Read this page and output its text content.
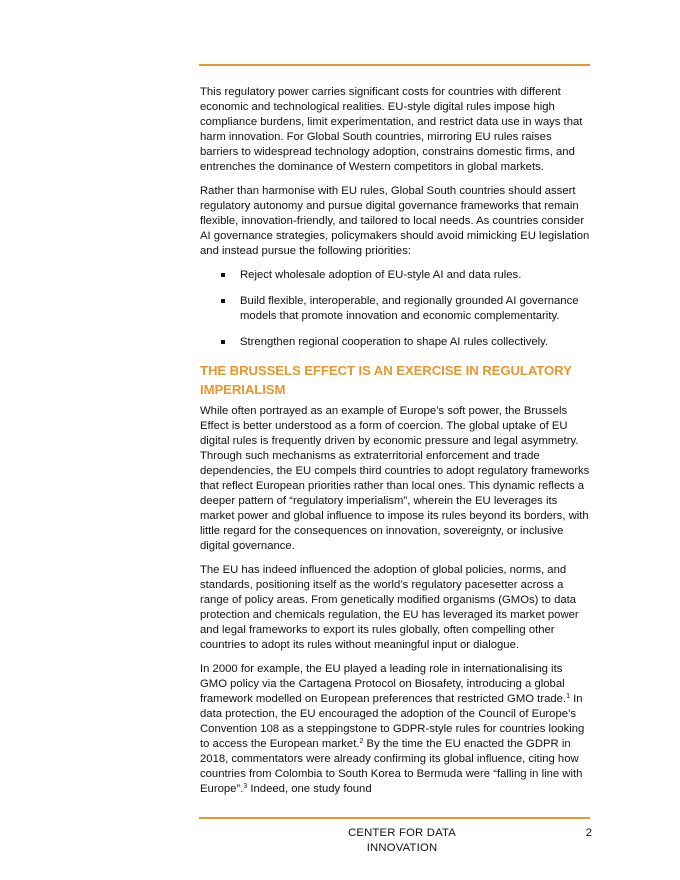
This regulatory power carries significant costs for countries with different economic and technological realities. EU-style digital rules impose high compliance burdens, limit experimentation, and restrict data use in ways that harm innovation. For Global South countries, mirroring EU rules raises barriers to widespread technology adoption, constrains domestic firms, and entrenches the dominance of Western competitors in global markets.

Rather than harmonise with EU rules, Global South countries should assert regulatory autonomy and pursue digital governance frameworks that remain flexible, innovation-friendly, and tailored to local needs. As countries consider AI governance strategies, policymakers should avoid mimicking EU legislation and instead pursue the following priorities:

Reject wholesale adoption of EU-style AI and data rules.
Build flexible, interoperable, and regionally grounded AI governance models that promote innovation and economic complementarity.
Strengthen regional cooperation to shape AI rules collectively.
THE BRUSSELS EFFECT IS AN EXERCISE IN REGULATORY IMPERIALISM

While often portrayed as an example of Europe’s soft power, the Brussels Effect is better understood as a form of coercion. The global uptake of EU digital rules is frequently driven by economic pressure and legal asymmetry. Through such mechanisms as extraterritorial enforcement and trade dependencies, the EU compels third countries to adopt regulatory frameworks that reflect European priorities rather than local ones. This dynamic reflects a deeper pattern of “regulatory imperialism”, wherein the EU leverages its market power and global influence to impose its rules beyond its borders, with little regard for the consequences on innovation, sovereignty, or inclusive digital governance.

The EU has indeed influenced the adoption of global policies, norms, and standards, positioning itself as the world’s regulatory pacesetter across a range of policy areas. From genetically modified organisms (GMOs) to data protection and chemicals regulation, the EU has leveraged its market power and legal frameworks to export its rules globally, often compelling other countries to adopt its rules without meaningful input or dialogue.

In 2000 for example, the EU played a leading role in internationalising its GMO policy via the Cartagena Protocol on Biosafety, introducing a global framework modelled on European preferences that restricted GMO trade.$^1$ In data protection, the EU encouraged the adoption of the Council of Europe’s Convention 108 as a steppingstone to GDPR-style rules for countries looking to access the European market.$^2$ By the time the EU enacted the GDPR in 2018, commentators were already confirming its global influence, citing how countries from Colombia to South Korea to Bermuda were “falling in line with Europe”.$^3$ Indeed, one study found

CENTER FOR DATA INNOVATION
2
